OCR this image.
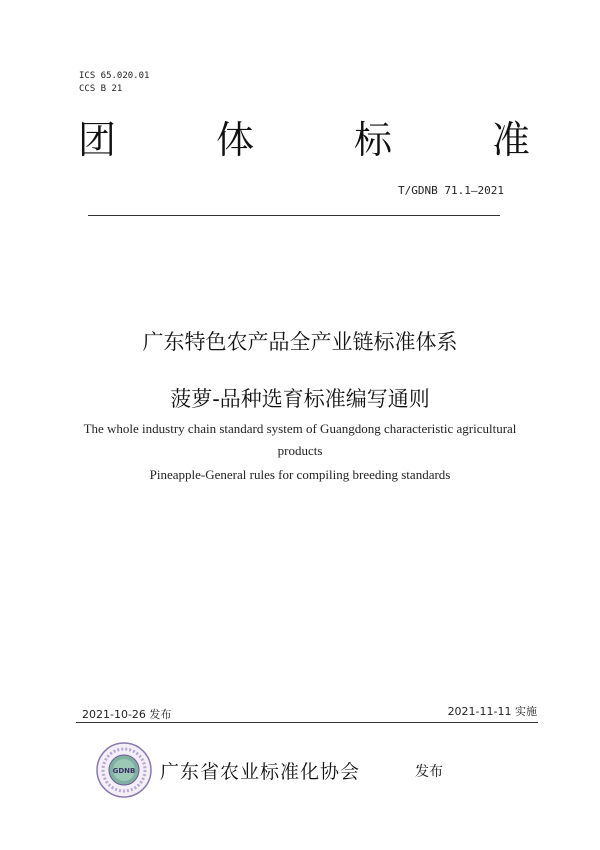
ICS 65.020.01
CCS B 21
团	体	标	准
T/GDNB 71.1—2021
广东特色农产品全产业链标准体系
菠萝-品种选育标准编写通则
The whole industry chain standard system of Guangdong characteristic agricultural
products
Pineapple-General rules for compiling breeding standards
2021-10-26 发布	2021-11-11 实施
GDNB 广东省农业标准化协会	发布
